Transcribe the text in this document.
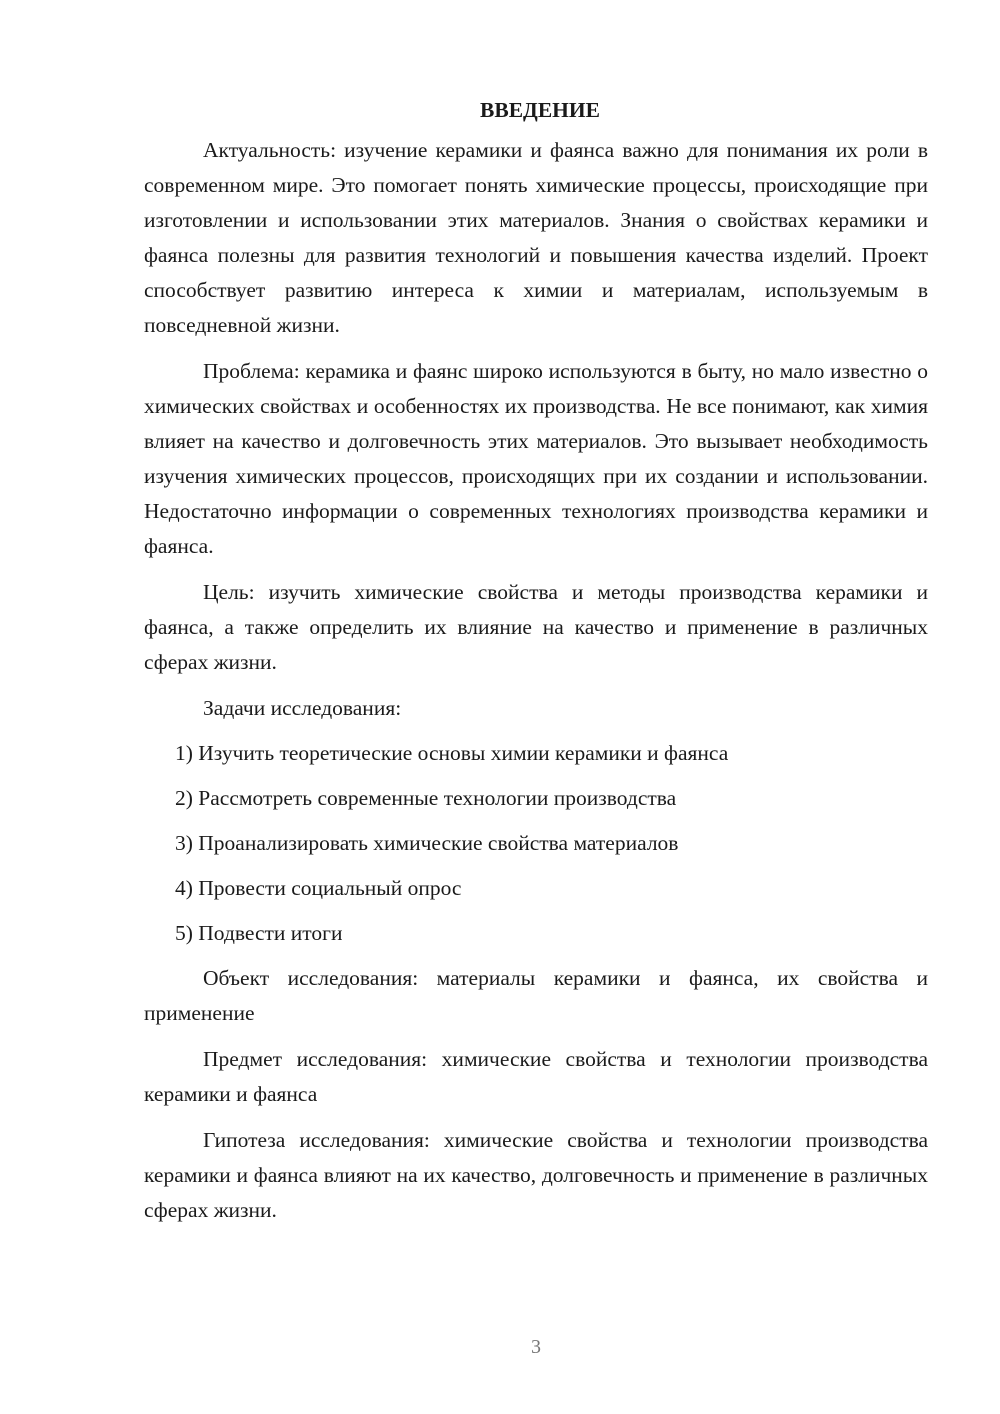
ВВЕДЕНИЕ

Актуальность: изучение керамики и фаянса важно для понимания их роли в современном мире. Это помогает понять химические процессы, происходящие при изготовлении и использовании этих материалов. Знания о свойствах керамики и фаянса полезны для развития технологий и повышения качества изделий. Проект способствует развитию интереса к химии и материалам, используемым в повседневной жизни.

Проблема: керамика и фаянс широко используются в быту, но мало известно о химических свойствах и особенностях их производства. Не все понимают, как химия влияет на качество и долговечность этих материалов. Это вызывает необходимость изучения химических процессов, происходящих при их создании и использовании. Недостаточно информации о современных технологиях производства керамики и фаянса.

Цель: изучить химические свойства и методы производства керамики и фаянса, а также определить их влияние на качество и применение в различных сферах жизни.

Задачи исследования:

1) Изучить теоретические основы химии керамики и фаянса

2) Рассмотреть современные технологии производства

3) Проанализировать химические свойства материалов

4) Провести социальный опрос

5) Подвести итоги

Объект исследования: материалы керамики и фаянса, их свойства и применение

Предмет исследования: химические свойства и технологии производства керамики и фаянса

Гипотеза исследования: химические свойства и технологии производства керамики и фаянса влияют на их качество, долговечность и применение в различных сферах жизни.

3
